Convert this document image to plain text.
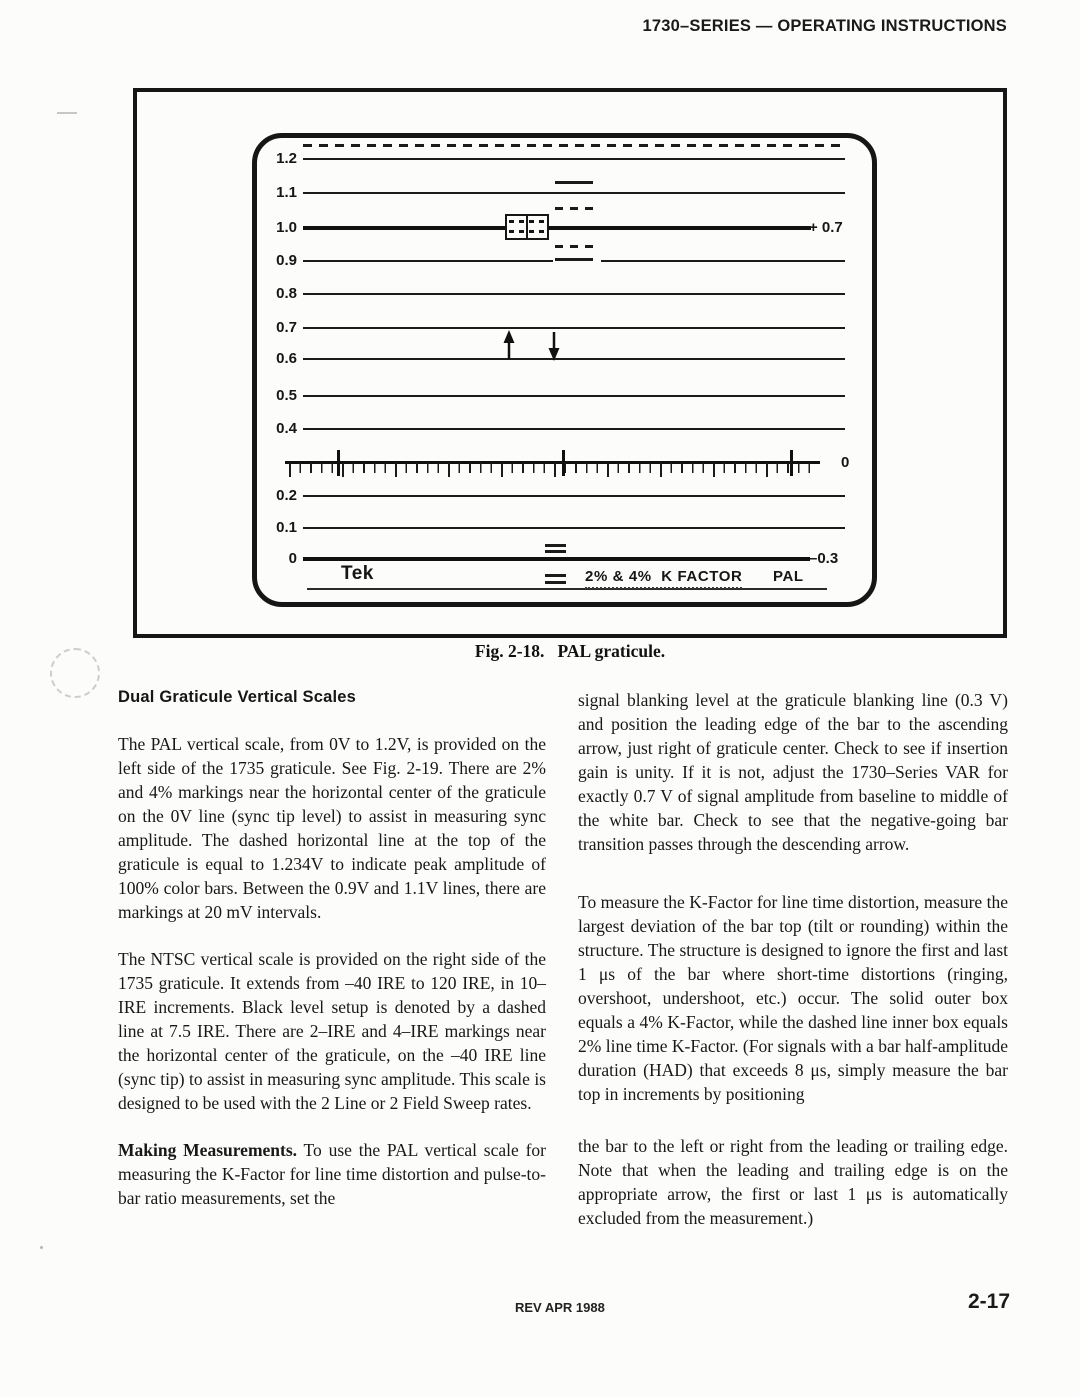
1730–SERIES — OPERATING INSTRUCTIONS
1.2
1.1
1.0
0.9
0.8
0.7
0.6
0.5
0.4
0.2
0.1
0
+ 0.7
0
–0.3
Tek	2% & 4%  K FACTOR PAL
Fig. 2-18.   PAL graticule.
Dual Graticule Vertical Scales

The PAL vertical scale, from 0V to 1.2V, is provided on the left side of the 1735 graticule. See Fig. 2-19. There are 2% and 4% markings near the horizontal center of the graticule on the 0V line (sync tip level) to assist in measuring sync amplitude. The dashed horizontal line at the top of the graticule is equal to 1.234V to indicate peak amplitude of 100% color bars. Between the 0.9V and 1.1V lines, there are markings at 20 mV intervals.

The NTSC vertical scale is provided on the right side of the 1735 graticule. It extends from –40 IRE to 120 IRE, in 10–IRE increments. Black level setup is denoted by a dashed line at 7.5 IRE. There are 2–IRE and 4–IRE markings near the horizontal center of the graticule, on the –40 IRE line (sync tip) to assist in measuring sync amplitude. This scale is designed to be used with the 2 Line or 2 Field Sweep rates.

Making Measurements. To use the PAL vertical scale for measuring the K-Factor for line time distortion and pulse-to-bar ratio measurements, set the

signal blanking level at the graticule blanking line (0.3 V) and position the leading edge of the bar to the ascending arrow, just right of graticule center. Check to see if insertion gain is unity. If it is not, adjust the 1730–Series VAR for exactly 0.7 V of signal amplitude from baseline to middle of the white bar. Check to see that the negative-going bar transition passes through the descending arrow.

To measure the K-Factor for line time distortion, measure the largest deviation of the bar top (tilt or rounding) within the structure. The structure is designed to ignore the first and last 1 μs of the bar where short-time distortions (ringing, overshoot, undershoot, etc.) occur. The solid outer box equals a 4% K-Factor, while the dashed line inner box equals 2% line time K-Factor. (For signals with a bar half-amplitude duration (HAD) that exceeds 8 μs, simply measure the bar top in increments by positioning

the bar to the left or right from the leading or trailing edge. Note that when the leading and trailing edge is on the appropriate arrow, the first or last 1 μs is automatically excluded from the measurement.)

REV APR 1988	2-17
